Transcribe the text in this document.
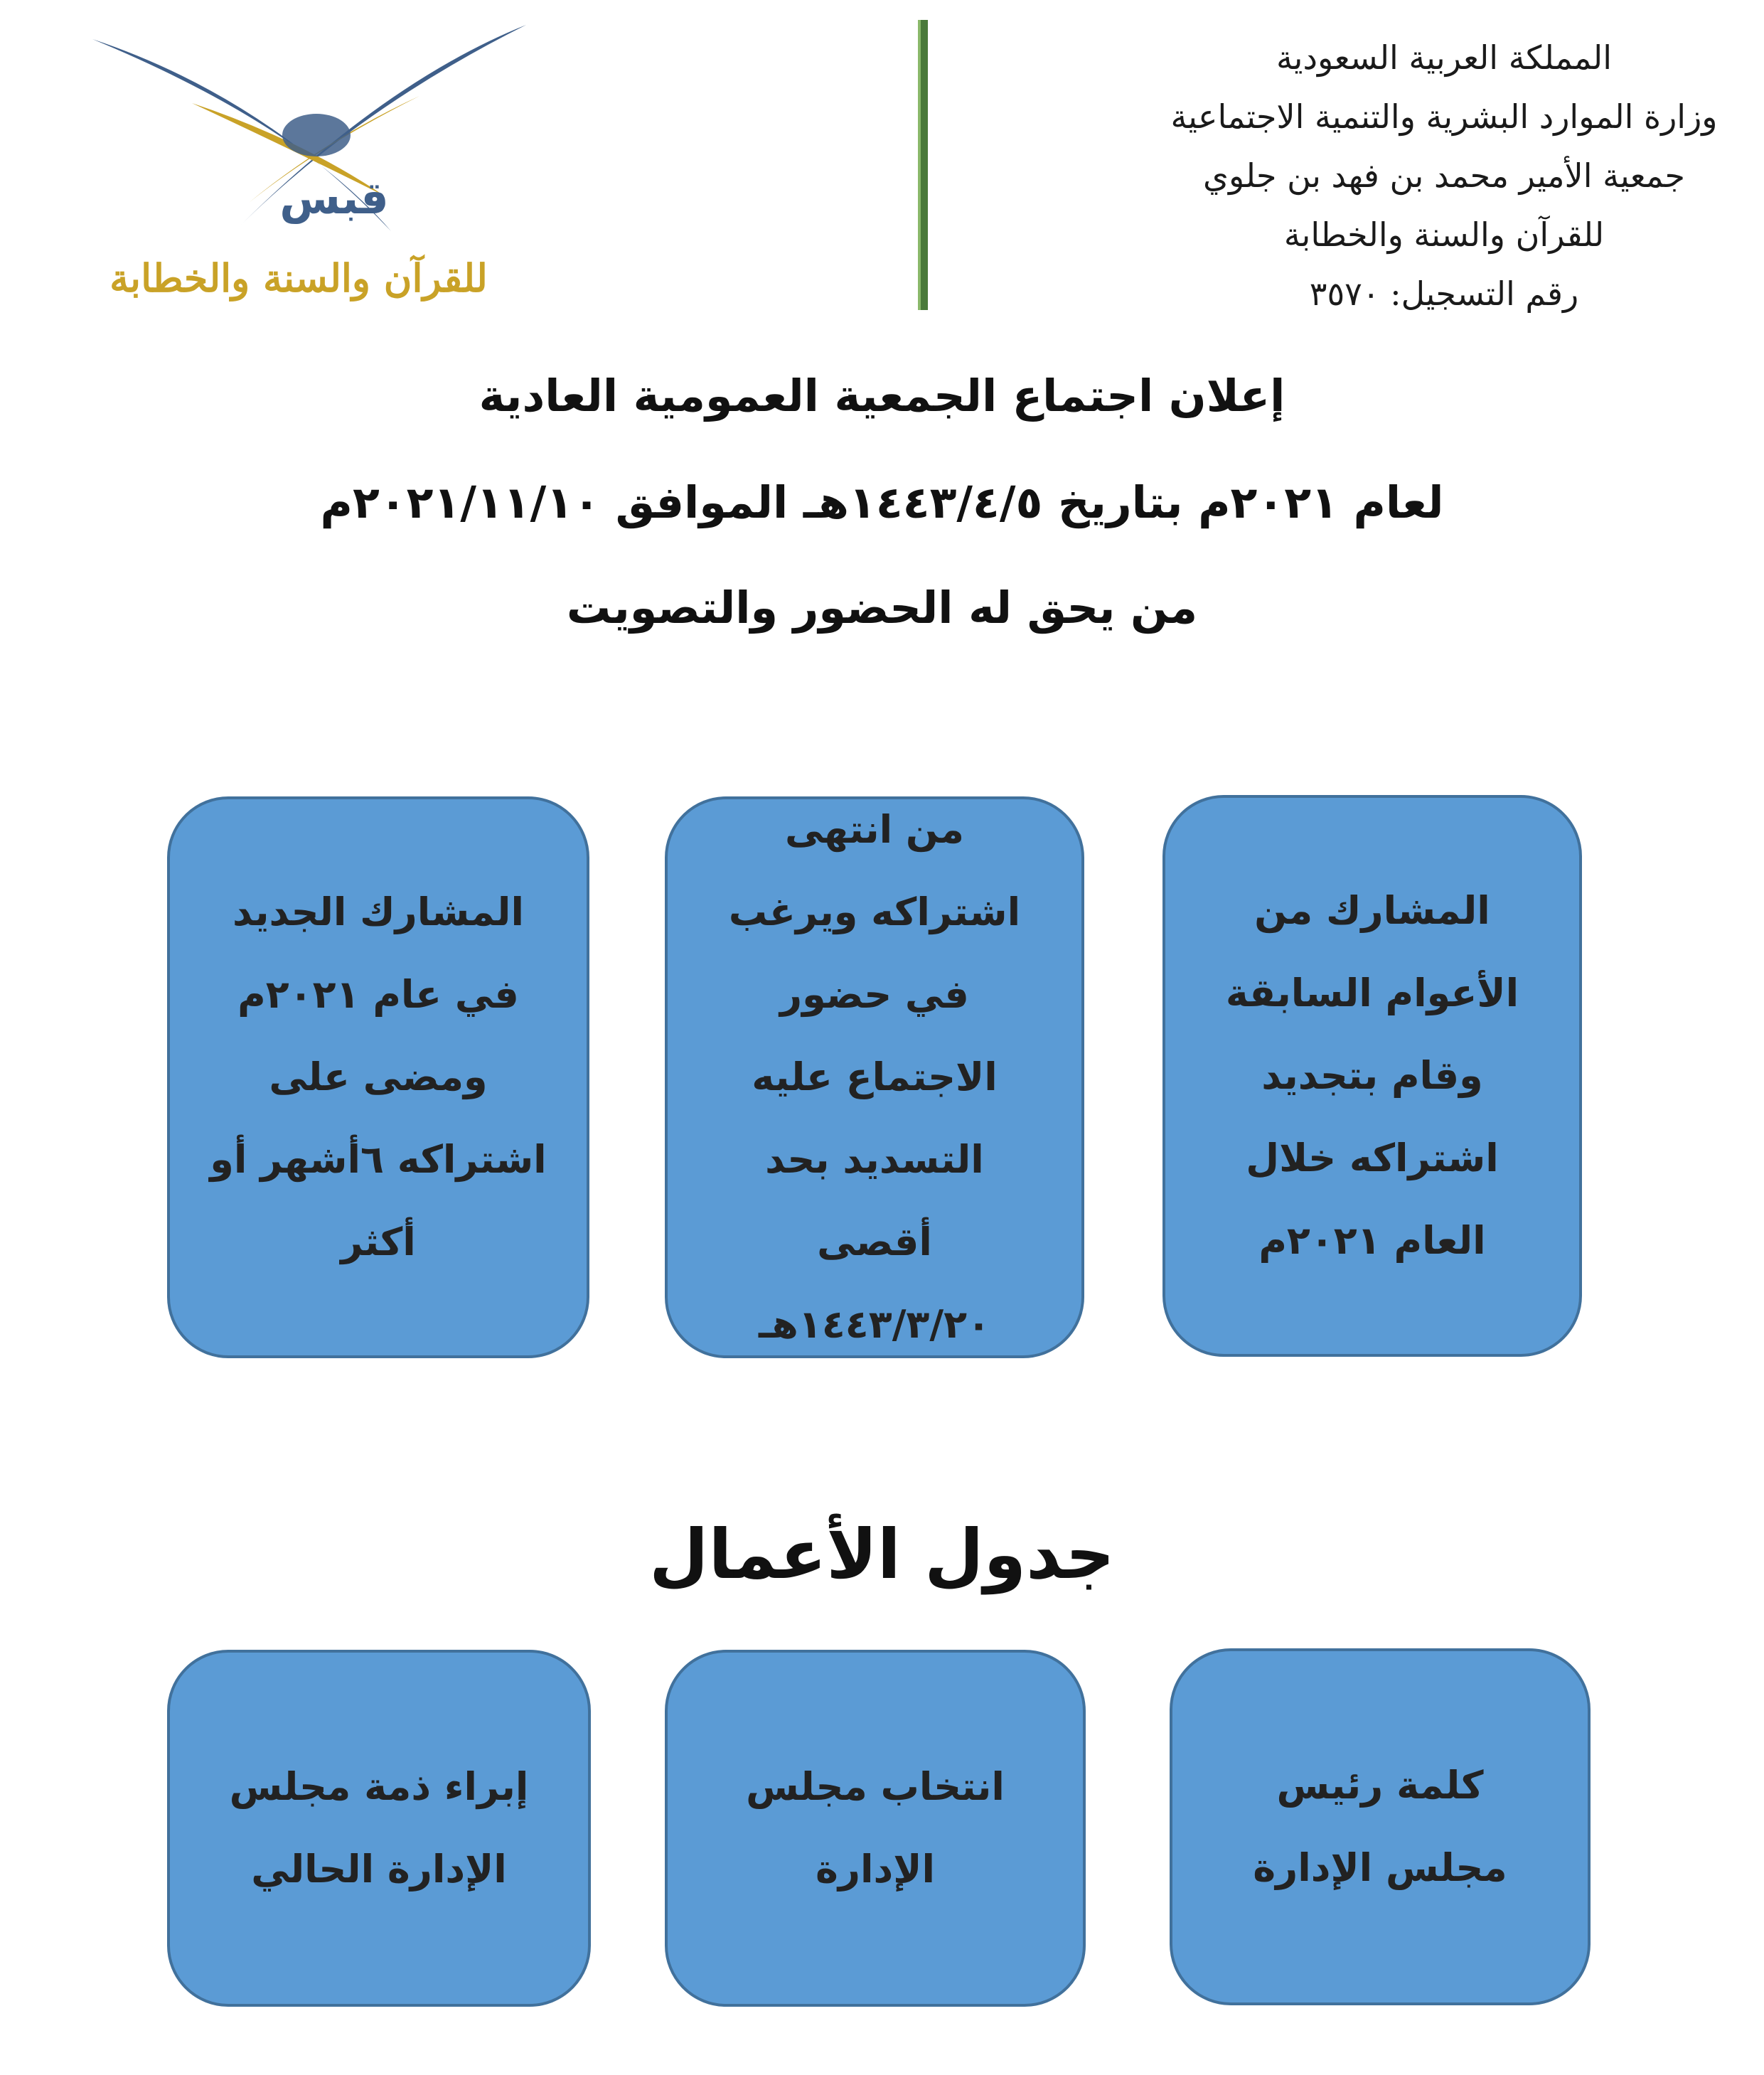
المملكة العربية السعودية
وزارة الموارد البشرية والتنمية الاجتماعية
جمعية الأمير محمد بن فهد بن جلوي
للقرآن والسنة والخطابة
رقم التسجيل: ٣٥٧٠
قبس
للقرآن والسنة والخطابة
إعلان اجتماع الجمعية العمومية العادية
لعام ٢٠٢١م بتاريخ ١٤٤٣/٤/٥هـ الموافق ٢٠٢١/١١/١٠م
من يحق له الحضور والتصويت
المشارك من الأعوام السابقة وقام بتجديد اشتراكه خلال العام ٢٠٢١م
من انتهى اشتراكه ويرغب في حضور الاجتماع عليه التسديد بحد أقصى ١٤٤٣/٣/٢٠هـ
المشارك الجديد في عام ٢٠٢١م ومضى على اشتراكه ٦أشهر أو أكثر
جدول الأعمال
كلمة رئيس مجلس الإدارة
انتخاب مجلس الإدارة
إبراء ذمة مجلس الإدارة الحالي
